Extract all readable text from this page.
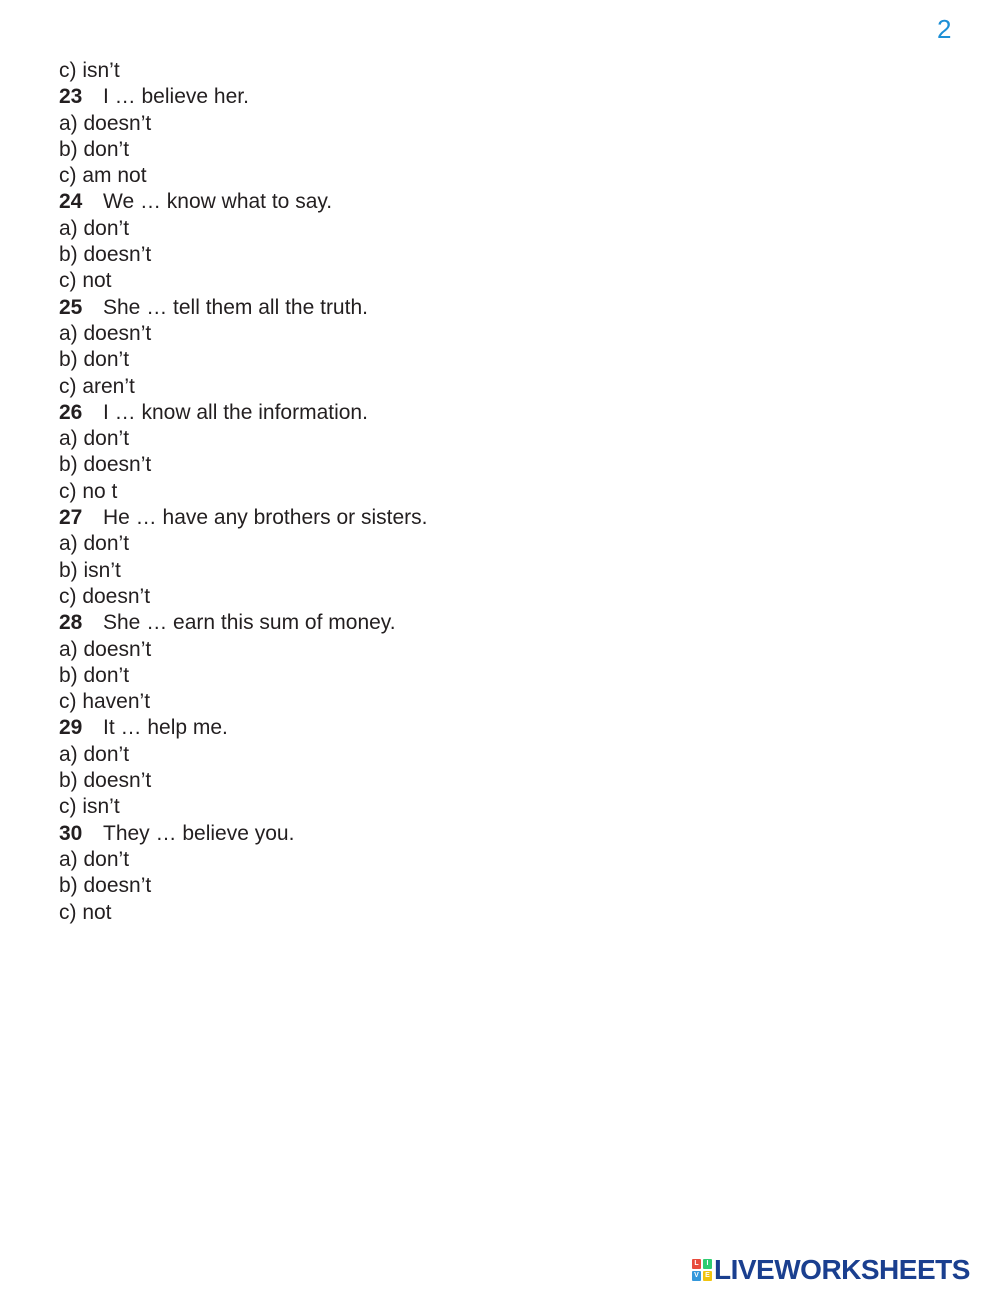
2
c) isn’t
23 I … believe her.
a) doesn’t
b) don’t
c) am not
24 We … know what to say.
a) don’t
b) doesn’t
c) not
25 She … tell them all the truth.
a) doesn’t
b) don’t
c) aren’t
26 I … know all the information.
a) don’t
b) doesn’t
c) no t
27 He … have any brothers or sisters.
a) don’t
b) isn’t
c) doesn’t
28 She … earn this sum of money.
a) doesn’t
b) don’t
c) haven’t
29 It … help me.
a) don’t
b) doesn’t
c) isn’t
30 They … believe you.
a) don’t
b) doesn’t
c) not
L	I
V E LIVEWORKSHEETS
